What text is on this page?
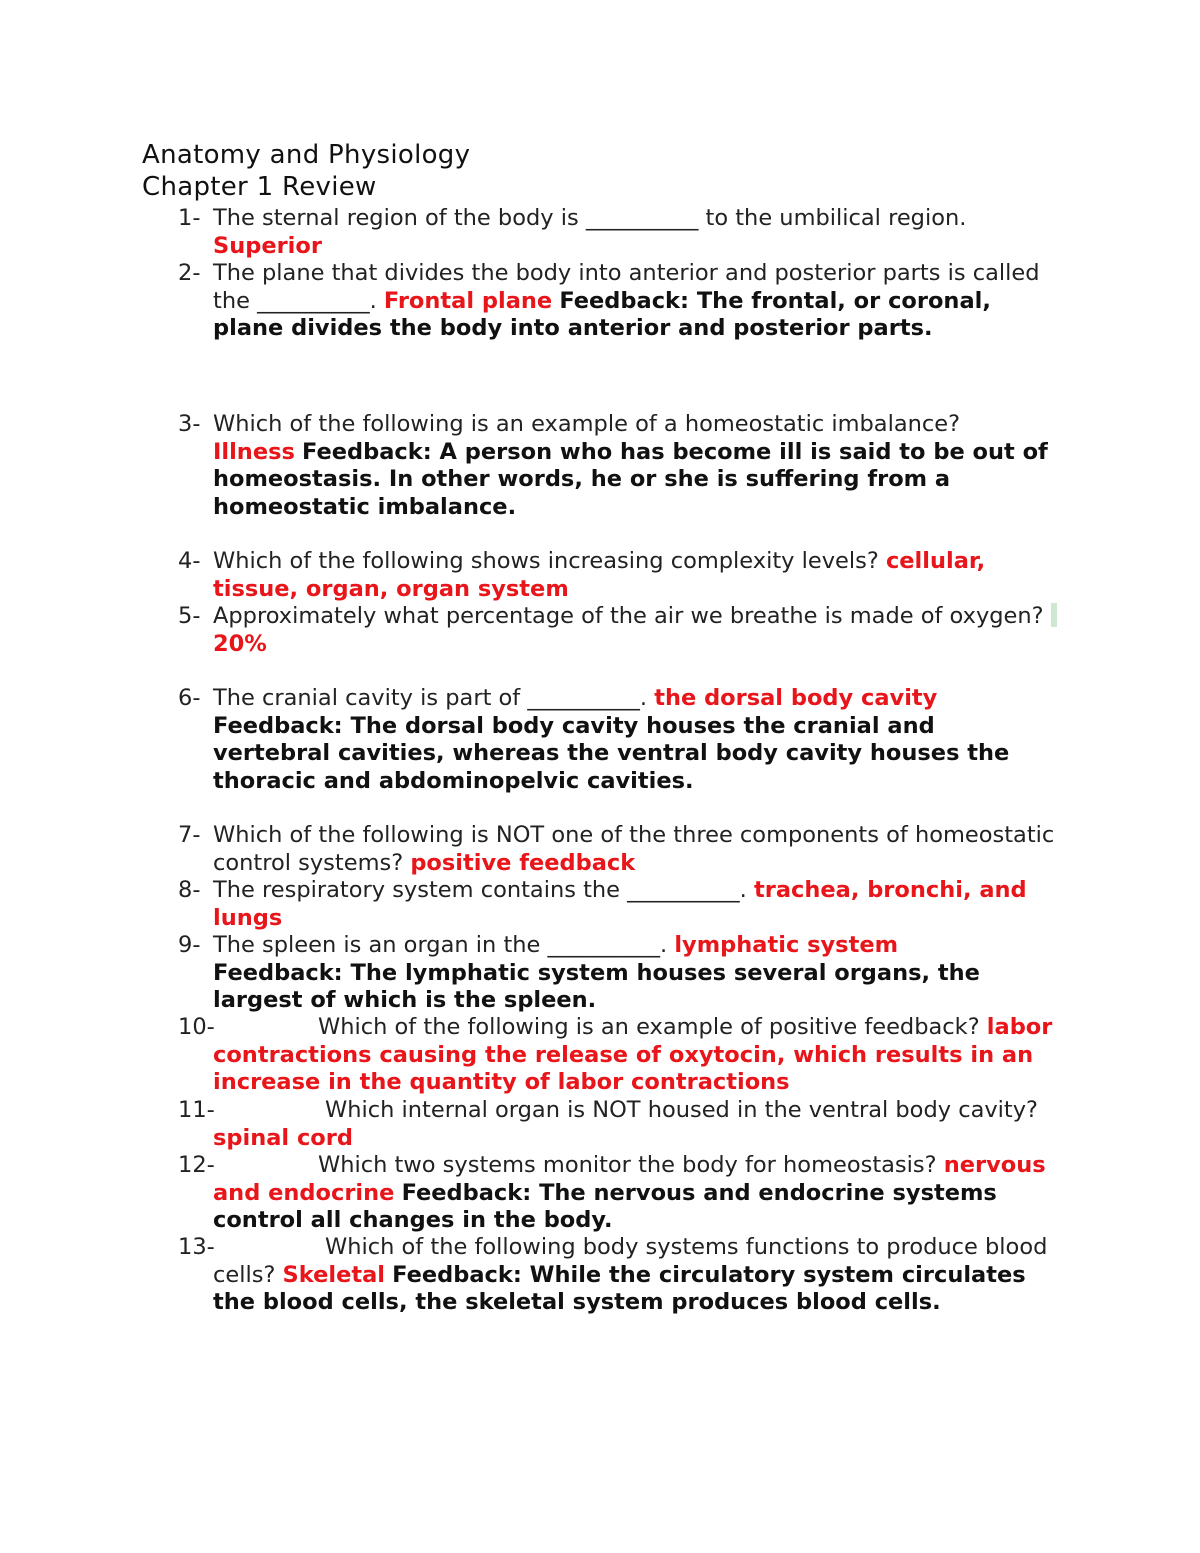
Anatomy and Physiology
Chapter 1 Review
1- The sternal region of the body is __________ to the umbilical region.
Superior
2- The plane that divides the body into anterior and posterior parts is called the __________. Frontal plane Feedback: The frontal, or coronal, plane divides the body into anterior and posterior parts.
3- Which of the following is an example of a homeostatic imbalance?
Illness Feedback: A person who has become ill is said to be out of homeostasis. In other words, he or she is suffering from a homeostatic imbalance.
4- Which of the following shows increasing complexity levels? cellular, tissue, organ, organ system
5- Approximately what percentage of the air we breathe is made of oxygen? 20%
6- The cranial cavity is part of __________. the dorsal body cavity
Feedback: The dorsal body cavity houses the cranial and vertebral cavities, whereas the ventral body cavity houses the thoracic and abdominopelvic cavities.
7- Which of the following is NOT one of the three components of homeostatic control systems? positive feedback
8- The respiratory system contains the __________. trachea, bronchi, and lungs
9- The spleen is an organ in the __________. lymphatic system
Feedback: The lymphatic system houses several organs, the largest of which is the spleen.
10-	Which of the following is an example of positive feedback? labor contractions causing the release of oxytocin, which results in an increase in the quantity of labor contractions
11-	Which internal organ is NOT housed in the ventral body cavity?
spinal cord
12-	Which two systems monitor the body for homeostasis? nervous and endocrine Feedback: The nervous and endocrine systems control all changes in the body.
13-	Which of the following body systems functions to produce blood cells? Skeletal Feedback: While the circulatory system circulates the blood cells, the skeletal system produces blood cells.
